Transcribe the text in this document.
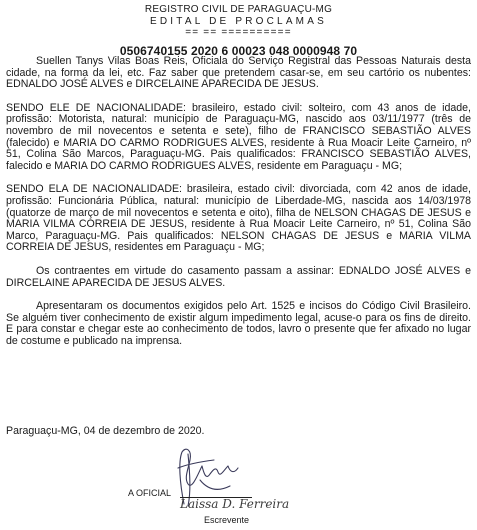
REGISTRO CIVIL DE PARAGUAÇU-MG
EDITAL DE PROCLAMAS
== == ==========
0506740155 2020 6 00023 048 0000948 70

Suellen Tanys Vilas Boas Reis, Oficiala do Serviço Registral das Pessoas Naturais desta cidade, na forma da lei, etc. Faz saber que pretendem casar-se, em seu cartório os nubentes: EDNALDO JOSÉ ALVES e DIRCELAINE APARECIDA DE JESUS.

SENDO ELE DE NACIONALIDADE: brasileiro, estado civil: solteiro, com 43 anos de idade, profissão: Motorista, natural: município de Paraguaçu-MG, nascido aos 03/11/1977 (três de novembro de mil novecentos e setenta e sete), filho de FRANCISCO SEBASTIÃO ALVES (falecido) e MARIA DO CARMO RODRIGUES ALVES, residente à Rua Moacir Leite Carneiro, nº 51, Colina São Marcos, Paraguaçu-MG. Pais qualificados: FRANCISCO SEBASTIÃO ALVES, falecido e MARIA DO CARMO RODRIGUES ALVES, residente em Paraguaçu - MG;

SENDO ELA DE NACIONALIDADE: brasileira, estado civil: divorciada, com 42 anos de idade, profissão: Funcionária Pública, natural: município de Liberdade-MG, nascida aos 14/03/1978 (quatorze de março de mil novecentos e setenta e oito), filha de NELSON CHAGAS DE JESUS e MARIA VILMA CORREIA DE JESUS, residente à Rua Moacir Leite Carneiro, nº 51, Colina São Marco, Paraguaçu-MG. Pais qualificados: NELSON CHAGAS DE JESUS e MARIA VILMA CORREIA DE JESUS, residentes em Paraguaçu - MG;

Os contraentes em virtude do casamento passam a assinar: EDNALDO JOSÉ ALVES e DIRCELAINE APARECIDA DE JESUS ALVES.

Apresentaram os documentos exigidos pelo Art. 1525 e incisos do Código Civil Brasileiro. Se alguém tiver conhecimento de existir algum impedimento legal, acuse-o para os fins de direito. E para constar e chegar este ao conhecimento de todos, lavro o presente que fer afixado no lugar de costume e publicado na imprensa.

Paraguaçu-MG, 04 de dezembro de 2020.
Laissa D. Ferreira
A OFICIAL
Escrevente
